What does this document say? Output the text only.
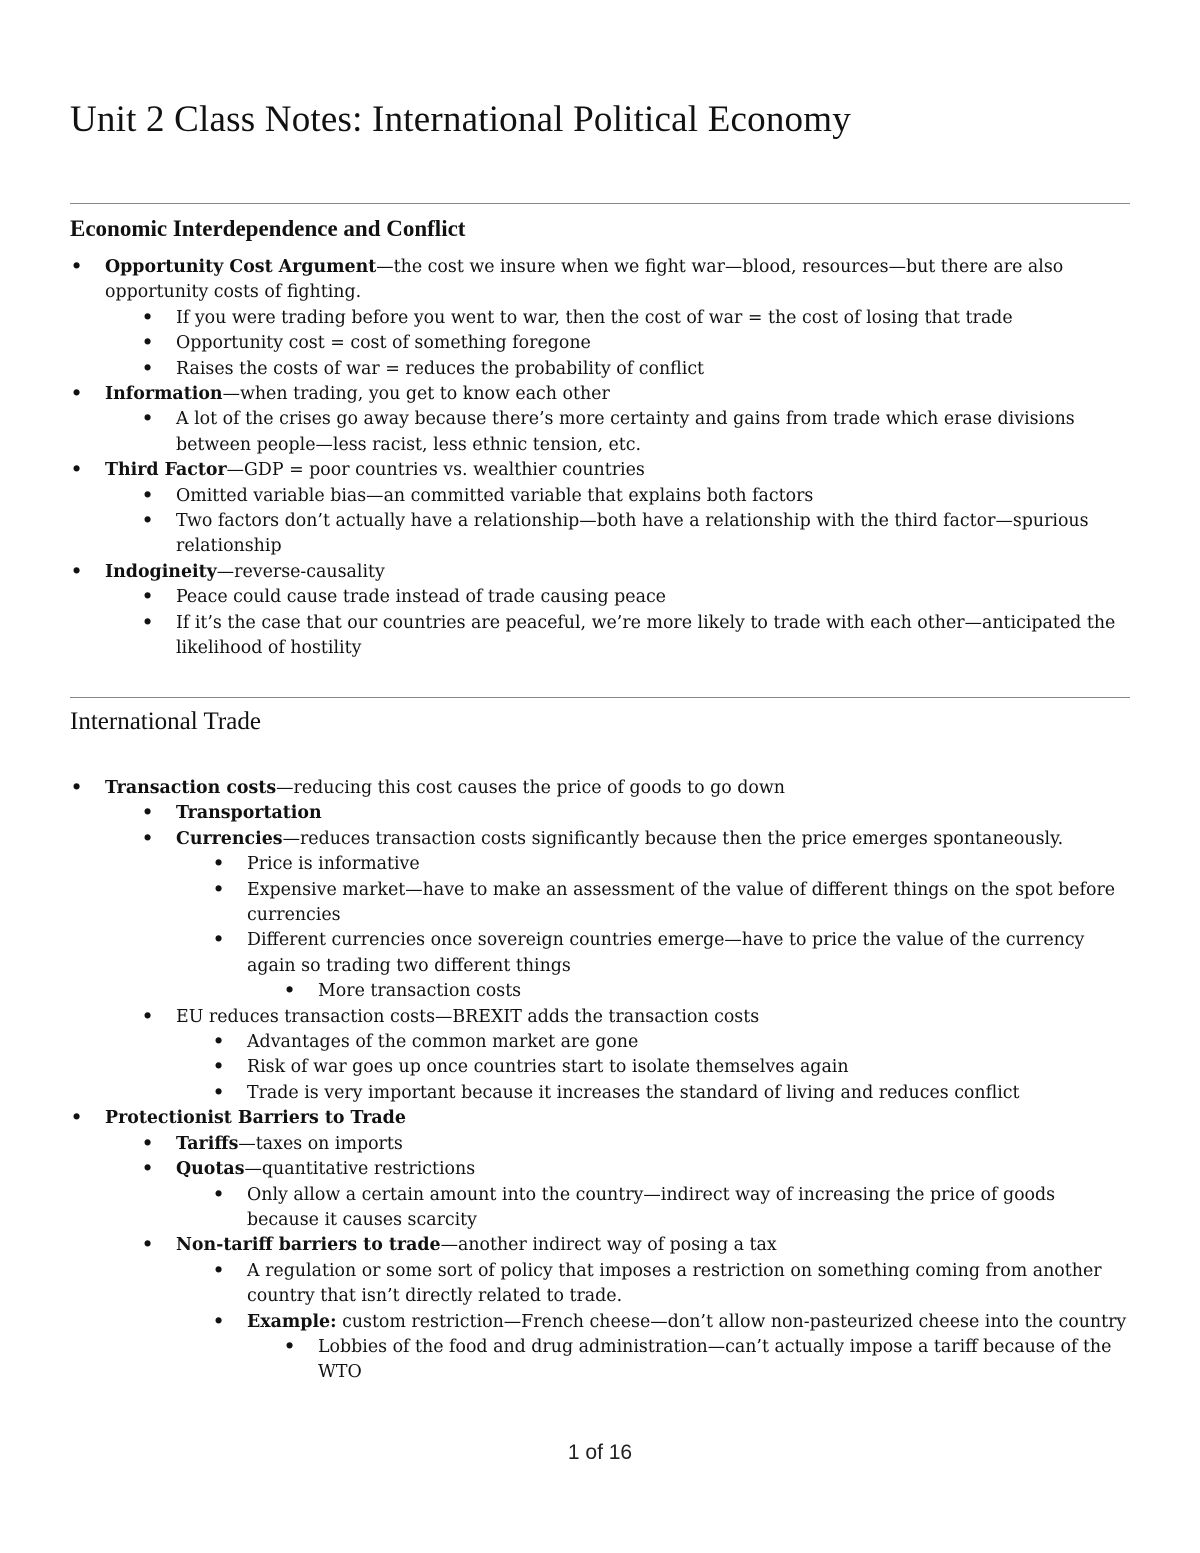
Unit 2 Class Notes: International Political Economy
Economic Interdependence and Conflict
• Opportunity Cost Argument—the cost we insure when we fight war—blood, resources—but there are also opportunity costs of fighting.
• If you were trading before you went to war, then the cost of war = the cost of losing that trade
• Opportunity cost = cost of something foregone
• Raises the costs of war = reduces the probability of conflict
• Information—when trading, you get to know each other
• A lot of the crises go away because there’s more certainty and gains from trade which erase divisions between people—less racist, less ethnic tension, etc.
• Third Factor—GDP = poor countries vs. wealthier countries
• Omitted variable bias—an committed variable that explains both factors
• Two factors don’t actually have a relationship—both have a relationship with the third factor—spurious relationship
• Indogineity—reverse-causality
• Peace could cause trade instead of trade causing peace
• If it’s the case that our countries are peaceful, we’re more likely to trade with each other—anticipated the likelihood of hostility
International Trade
• Transaction costs—reducing this cost causes the price of goods to go down
• Transportation
• Currencies—reduces transaction costs significantly because then the price emerges spontaneously.
• Price is informative
• Expensive market—have to make an assessment of the value of different things on the spot before currencies
• Different currencies once sovereign countries emerge—have to price the value of the currency again so trading two different things
• More transaction costs
• EU reduces transaction costs—BREXIT adds the transaction costs
• Advantages of the common market are gone
• Risk of war goes up once countries start to isolate themselves again
• Trade is very important because it increases the standard of living and reduces conflict
• Protectionist Barriers to Trade
• Tariffs—taxes on imports
• Quotas—quantitative restrictions
• Only allow a certain amount into the country—indirect way of increasing the price of goods because it causes scarcity
• Non-tariff barriers to trade—another indirect way of posing a tax
• A regulation or some sort of policy that imposes a restriction on something coming from another country that isn’t directly related to trade.
• Example: custom restriction—French cheese—don’t allow non-pasteurized cheese into the country
• Lobbies of the food and drug administration—can’t actually impose a tariff because of the WTO
1 of 16
